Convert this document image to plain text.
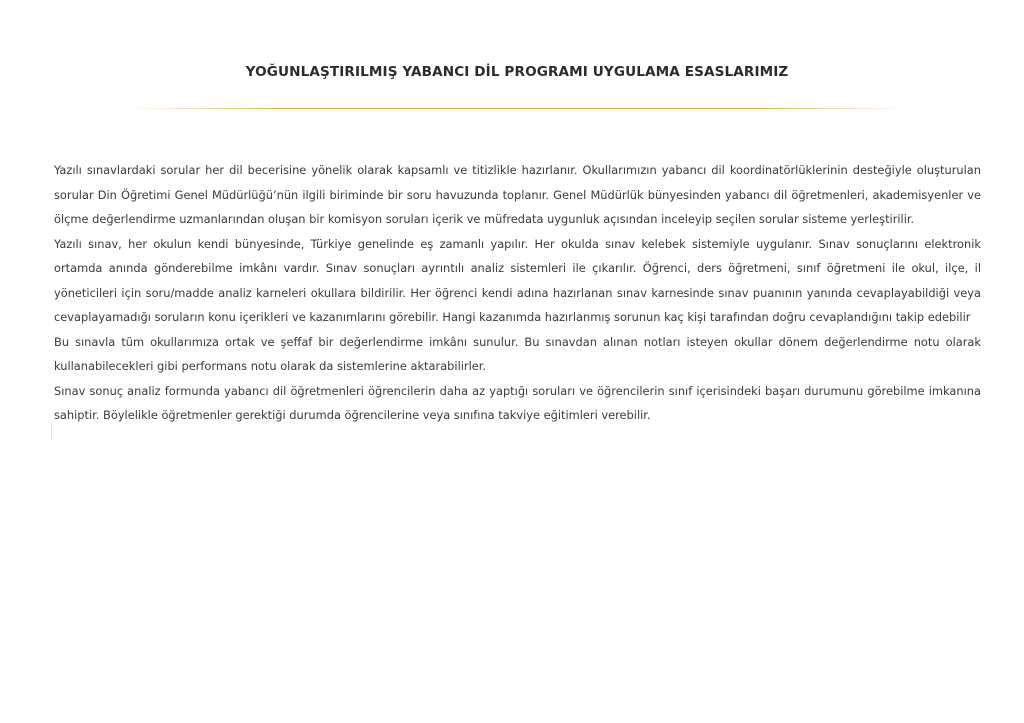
YOĞUNLAŞTIRILMIŞ YABANCI DİL PROGRAMI UYGULAMA ESASLARIMIZ

Yazılı sınavlardaki sorular her dil becerisine yönelik olarak kapsamlı ve titizlikle hazırlanır. Okullarımızın yabancı dil koordinatörlüklerinin desteğiyle oluşturulan sorular Din Öğretimi Genel Müdürlüğü’nün ilgili biriminde bir soru havuzunda toplanır. Genel Müdürlük bünyesinden yabancı dil öğretmenleri, akademisyenler ve ölçme değerlendirme uzmanlarından oluşan bir komisyon soruları içerik ve müfredata uygunluk açısından inceleyip seçilen sorular sisteme yerleştirilir.

Yazılı sınav, her okulun kendi bünyesinde, Türkiye genelinde eş zamanlı yapılır. Her okulda sınav kelebek sistemiyle uygulanır. Sınav sonuçlarını elektronik ortamda anında gönderebilme imkânı vardır. Sınav sonuçları ayrıntılı analiz sistemleri ile çıkarılır. Öğrenci, ders öğretmeni, sınıf öğretmeni ile okul, ilçe, il yöneticileri için soru/madde analiz karneleri okullara bildirilir. Her öğrenci kendi adına hazırlanan sınav karnesinde sınav puanının yanında cevaplayabildiği veya cevaplayamadığı soruların konu içerikleri ve kazanımlarını görebilir. Hangi kazanımda hazırlanmış sorunun kaç kişi tarafından doğru cevaplandığını takip edebilir

Bu sınavla tüm okullarımıza ortak ve şeffaf bir değerlendirme imkânı sunulur. Bu sınavdan alınan notları isteyen okullar dönem değerlendirme notu olarak kullanabilecekleri gibi performans notu olarak da sistemlerine aktarabilirler.

Sınav sonuç analiz formunda yabancı dil öğretmenleri öğrencilerin daha az yaptığı soruları ve öğrencilerin sınıf içerisindeki başarı durumunu görebilme imkanına sahiptir. Böylelikle öğretmenler gerektiği durumda öğrencilerine veya sınıfına takviye eğitimleri verebilir.
